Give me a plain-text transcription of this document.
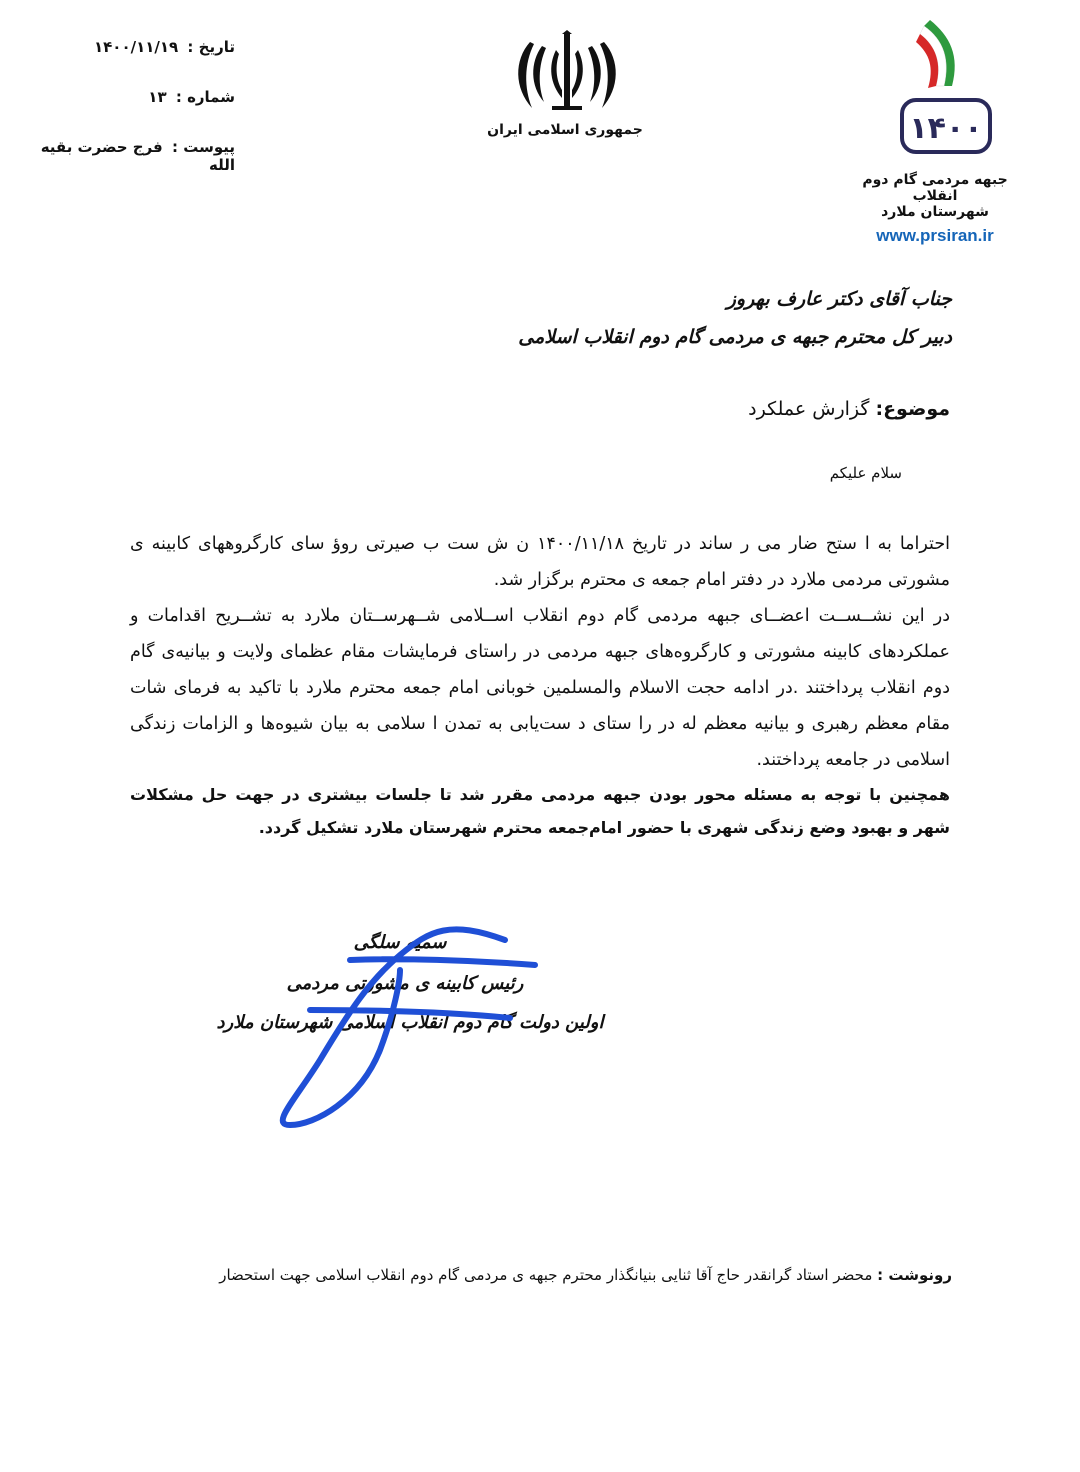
تاریخ : ۱۴۰۰/۱۱/۱۹
شماره : ۱۳
پیوست : فرج حضرت بقیه الله
جمهوری اسلامی ایران	۱۴۰۰
جبهه مردمی گام دوم انقلاب
شهرستان ملارد
www.prsiran.ir
جناب آقای دکتر عارف بهروز
دبیر کل محترم جبهه ی مردمی گام دوم انقلاب اسلامی
موضوع: گزارش عملکرد
سلام علیکم

احتراما به ا ستح ضار می ر ساند در تاریخ ۱۴۰۰/۱۱/۱۸ ن ش ست ب صیرتی روؤ سای کارگروههای کابینه ی مشورتی مردمی ملارد در دفتر امام جمعه ی محترم برگزار شد.

در این نشــســت اعضــای جبهه مردمی گام دوم انقلاب اســلامی شــهرســتان ملارد به تشــریح اقدامات و عملکردهای کابینه مشورتی و کارگروه‌های جبهه مردمی در راستای فرمایشات مقام عظمای ولایت و بیانیه‌ی گام دوم انقلاب پرداختند .در ادامه حجت الاسلام والمسلمین خوبانی امام جمعه محترم ملارد با تاکید به فرمای شات مقام معظم رهبری و بیانیه معظم له در را ستای د ست‌یابی به تمدن ا سلامی به بیان شیوه‌ها و الزامات زندگی اسلامی در جامعه پرداختند.

همچنین با توجه به مسئله محور بودن جبهه مردمی مقرر شد تا جلسات بیشتری در جهت حل مشکلات شهر و بهبود وضع زندگی شهری با حضور امام‌جمعه محترم شهرستان ملارد تشکیل گردد.

سمیه سلگی
رئیس کابینه ی مشورتی مردمی
اولین دولت گام دوم انقلاب اسلامی شهرستان ملارد
رونوشت : محضر استاد گرانقدر حاج آقا ثنایی بنیانگذار محترم جبهه ی مردمی گام دوم انقلاب اسلامی جهت استحضار
